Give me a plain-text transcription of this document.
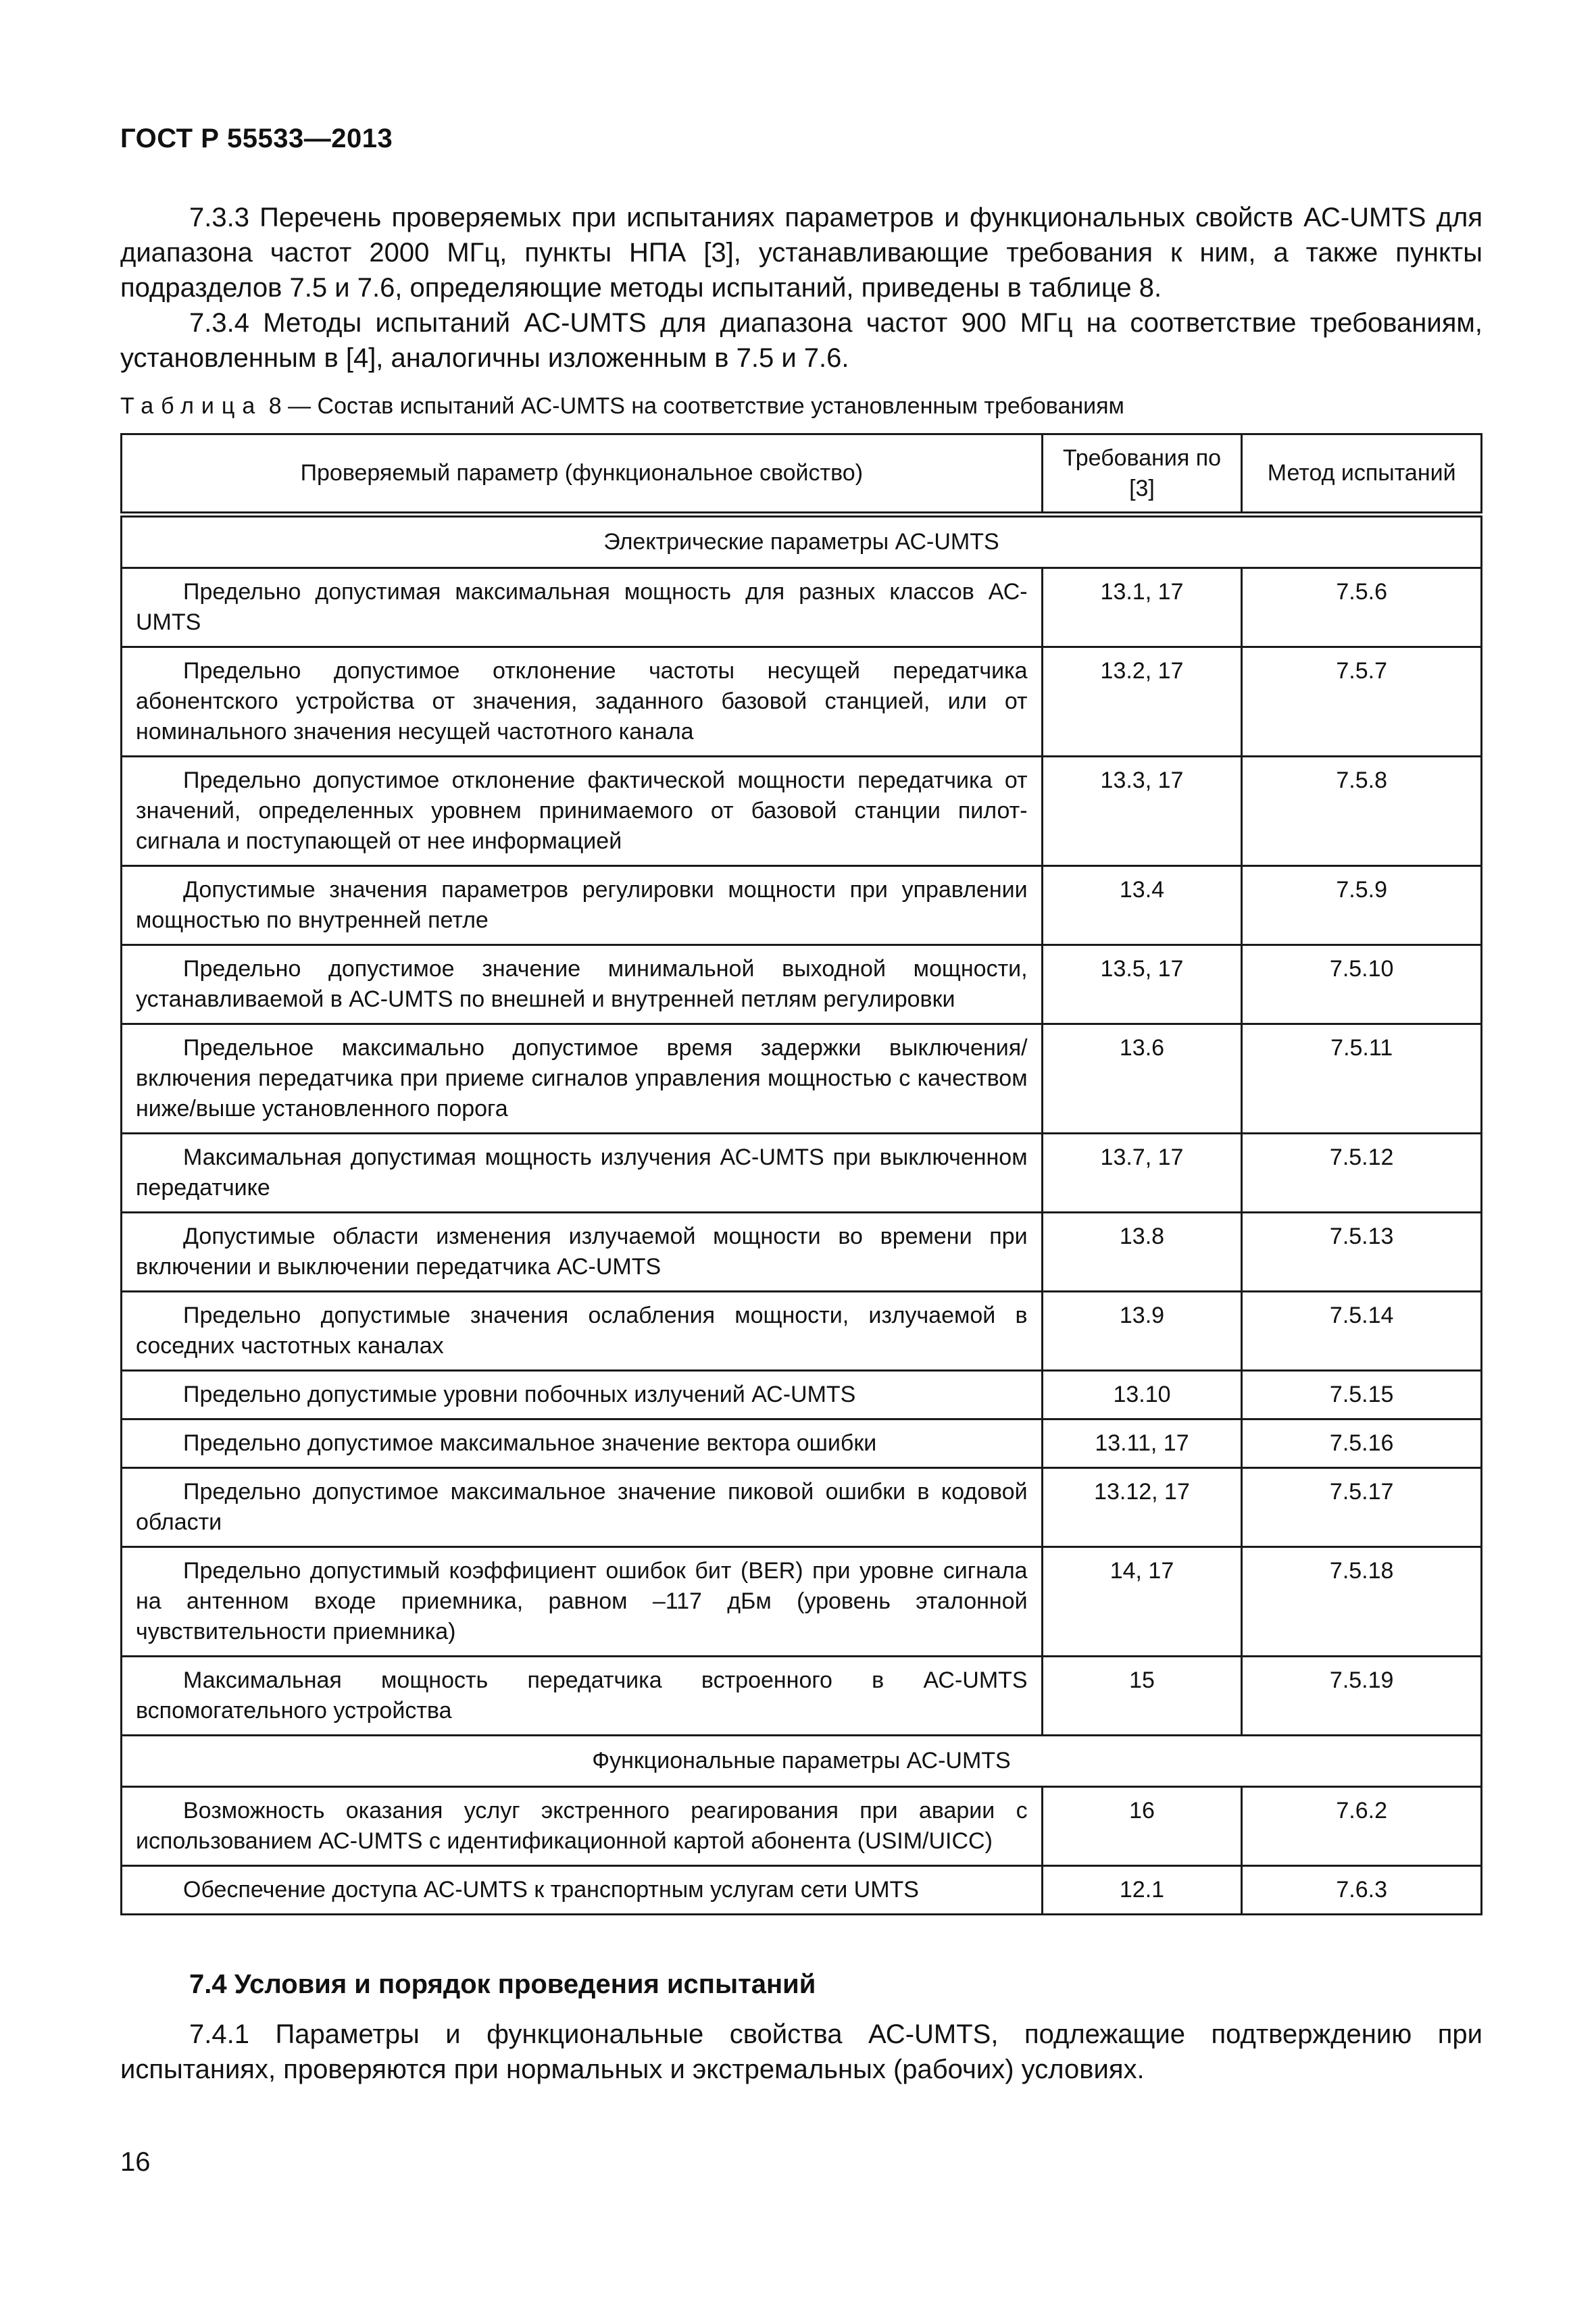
ГОСТ Р 55533—2013

7.3.3 Перечень проверяемых при испытаниях параметров и функциональных свойств АС-UMTS для диапазона частот 2000 МГц, пункты НПА [3], устанавливающие требования к ним, а также пункты подразделов 7.5 и 7.6, определяющие методы испытаний, приведены в таблице 8.

7.3.4 Методы испытаний АС-UMTS для диапазона частот 900 МГц на соответствие требованиям, установленным в [4], аналогичны изложенным в 7.5 и 7.6.

Таблица 8 — Состав испытаний АС-UMTS на соответствие установленным требованиям
Проверяемый параметр (функциональное свойство)	Требования по [3]	Метод испытаний
Электрические параметры АС-UMTS		

Предельно допустимая максимальная мощность для разных классов АС-UMTS	13.1, 17	7.5.6

Предельно допустимое отклонение частоты несущей передатчика абонентского устройства от значения, заданного базовой станцией, или от номинального значения несущей частотного канала	13.2, 17	7.5.7

Предельно допустимое отклонение фактической мощности передатчика от значений, определенных уровнем принимаемого от базовой станции пилот-сигнала и поступающей от нее информацией	13.3, 17	7.5.8

Допустимые значения параметров регулировки мощности при управлении мощностью по внутренней петле	13.4	7.5.9

Предельно допустимое значение минимальной выходной мощности, устанавливаемой в АС-UMTS по внешней и внутренней петлям регулировки	13.5, 17	7.5.10

Предельное максимально допустимое время задержки выключения/включения передатчика при приеме сигналов управления мощностью с качеством ниже/выше установленного порога	13.6	7.5.11

Максимальная допустимая мощность излучения АС-UMTS при выключенном передатчике	13.7, 17	7.5.12

Допустимые области изменения излучаемой мощности во времени при включении и выключении передатчика АС-UMTS	13.8	7.5.13

Предельно допустимые значения ослабления мощности, излучаемой в соседних частотных каналах	13.9	7.5.14

Предельно допустимые уровни побочных излучений АС-UMTS	13.10	7.5.15

Предельно допустимое максимальное значение вектора ошибки	13.11, 17	7.5.16

Предельно допустимое максимальное значение пиковой ошибки в кодовой области	13.12, 17	7.5.17

Предельно допустимый коэффициент ошибок бит (BER) при уровне сигнала на антенном входе приемника, равном –117 дБм (уровень эталонной чувствительности приемника)	14, 17	7.5.18

Максимальная мощность передатчика встроенного в АС-UMTS вспомогательного устройства	15	7.5.19
Функциональные параметры АС-UMTS		

Возможность оказания услуг экстренного реагирования при аварии с использованием АС-UMTS с идентификационной картой абонента (USIM/UICC)	16	7.6.2

Обеспечение доступа АС-UMTS к транспортным услугам сети UMTS	12.1	7.6.3
7.4 Условия и порядок проведения испытаний

7.4.1 Параметры и функциональные свойства АС-UMTS, подлежащие подтверждению при испытаниях, проверяются при нормальных и экстремальных (рабочих) условиях.

16
